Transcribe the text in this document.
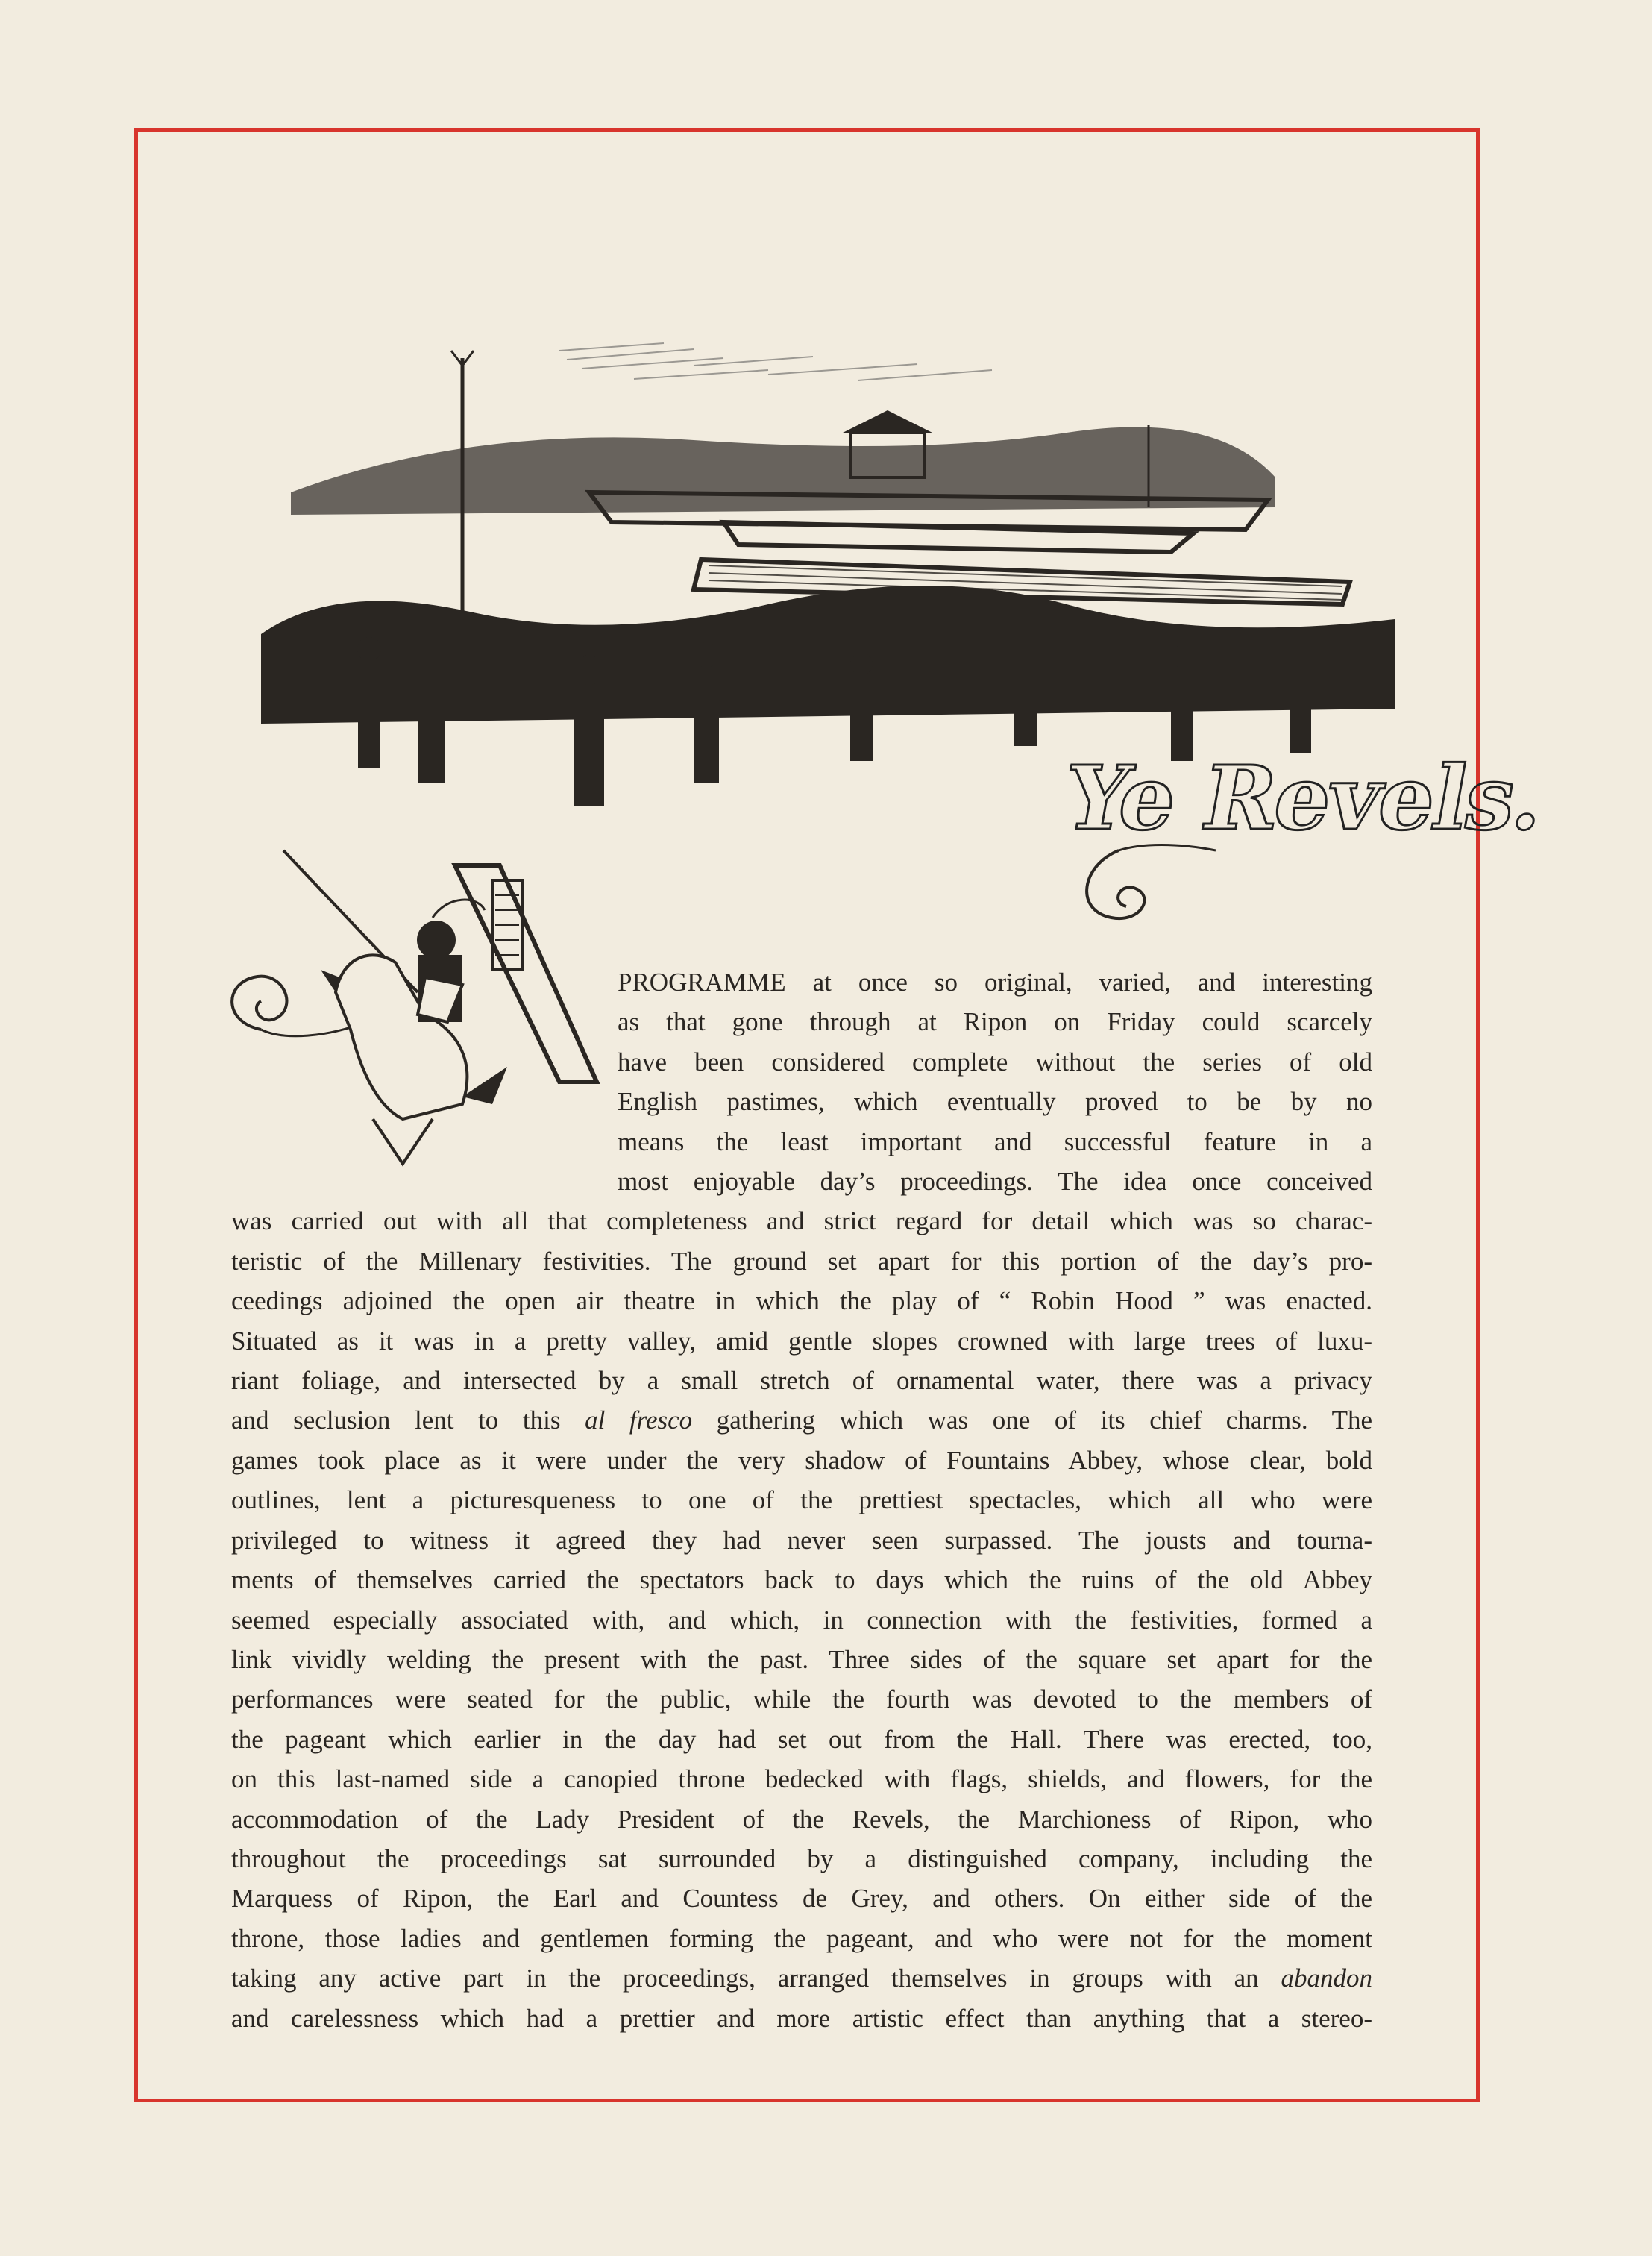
Ye Revels.

PROGRAMME at once so original, varied, and interesting
as that gone through at Ripon on Friday could scarcely
have been considered complete without the series of old
English pastimes, which eventually proved to be by no
means the least important and successful feature in a
most enjoyable day’s proceedings. The idea once conceived
was carried out with all that completeness and strict regard for detail which was so charac-
teristic of the Millenary festivities. The ground set apart for this portion of the day’s pro-
ceedings adjoined the open air theatre in which the play of “ Robin Hood ” was enacted.
Situated as it was in a pretty valley, amid gentle slopes crowned with large trees of luxu-
riant foliage, and intersected by a small stretch of ornamental water, there was a privacy
and seclusion lent to this al fresco gathering which was one of its chief charms. The
games took place as it were under the very shadow of Fountains Abbey, whose clear, bold
outlines, lent a picturesqueness to one of the prettiest spectacles, which all who were
privileged to witness it agreed they had never seen surpassed. The jousts and tourna-
ments of themselves carried the spectators back to days which the ruins of the old Abbey
seemed especially associated with, and which, in connection with the festivities, formed a
link vividly welding the present with the past. Three sides of the square set apart for the
performances were seated for the public, while the fourth was devoted to the members of
the pageant which earlier in the day had set out from the Hall. There was erected, too,
on this last-named side a canopied throne bedecked with flags, shields, and flowers, for the
accommodation of the Lady President of the Revels, the Marchioness of Ripon, who
throughout the proceedings sat surrounded by a distinguished company, including the
Marquess of Ripon, the Earl and Countess de Grey, and others. On either side of the
throne, those ladies and gentlemen forming the pageant, and who were not for the moment
taking any active part in the proceedings, arranged themselves in groups with an abandon
and carelessness which had a prettier and more artistic effect than anything that a stereo-
